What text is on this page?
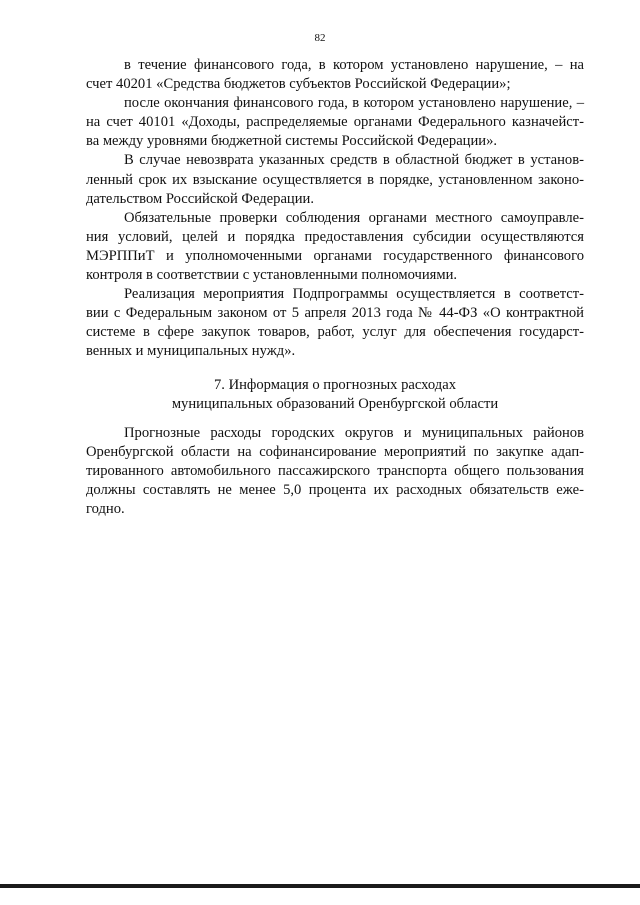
82
в течение финансового года, в котором установлено нарушение, – на
счет 40201 «Средства бюджетов субъектов Российской Федерации»;
после окончания финансового года, в котором установлено нарушение, –
на счет 40101 «Доходы, распределяемые органами Федерального казначейст-
ва между уровнями бюджетной системы Российской Федерации».
В случае невозврата указанных средств в областной бюджет в установ-
ленный срок их взыскание осуществляется в порядке, установленном законо-
дательством Российской Федерации.
Обязательные проверки соблюдения органами местного самоуправле-
ния условий, целей и порядка предоставления субсидии осуществляются
МЭРППиТ и уполномоченными органами государственного финансового
контроля в соответствии с установленными полномочиями.
Реализация мероприятия Подпрограммы осуществляется в соответст-
вии с Федеральным законом от 5 апреля 2013 года № 44-ФЗ «О контрактной
системе в сфере закупок товаров, работ, услуг для обеспечения государст-
венных и муниципальных нужд».
7. Информация о прогнозных расходах
муниципальных образований Оренбургской области
Прогнозные расходы городских округов и муниципальных районов
Оренбургской области на софинансирование мероприятий по закупке адап-
тированного автомобильного пассажирского транспорта общего пользования
должны составлять не менее 5,0 процента их расходных обязательств еже-
годно.
